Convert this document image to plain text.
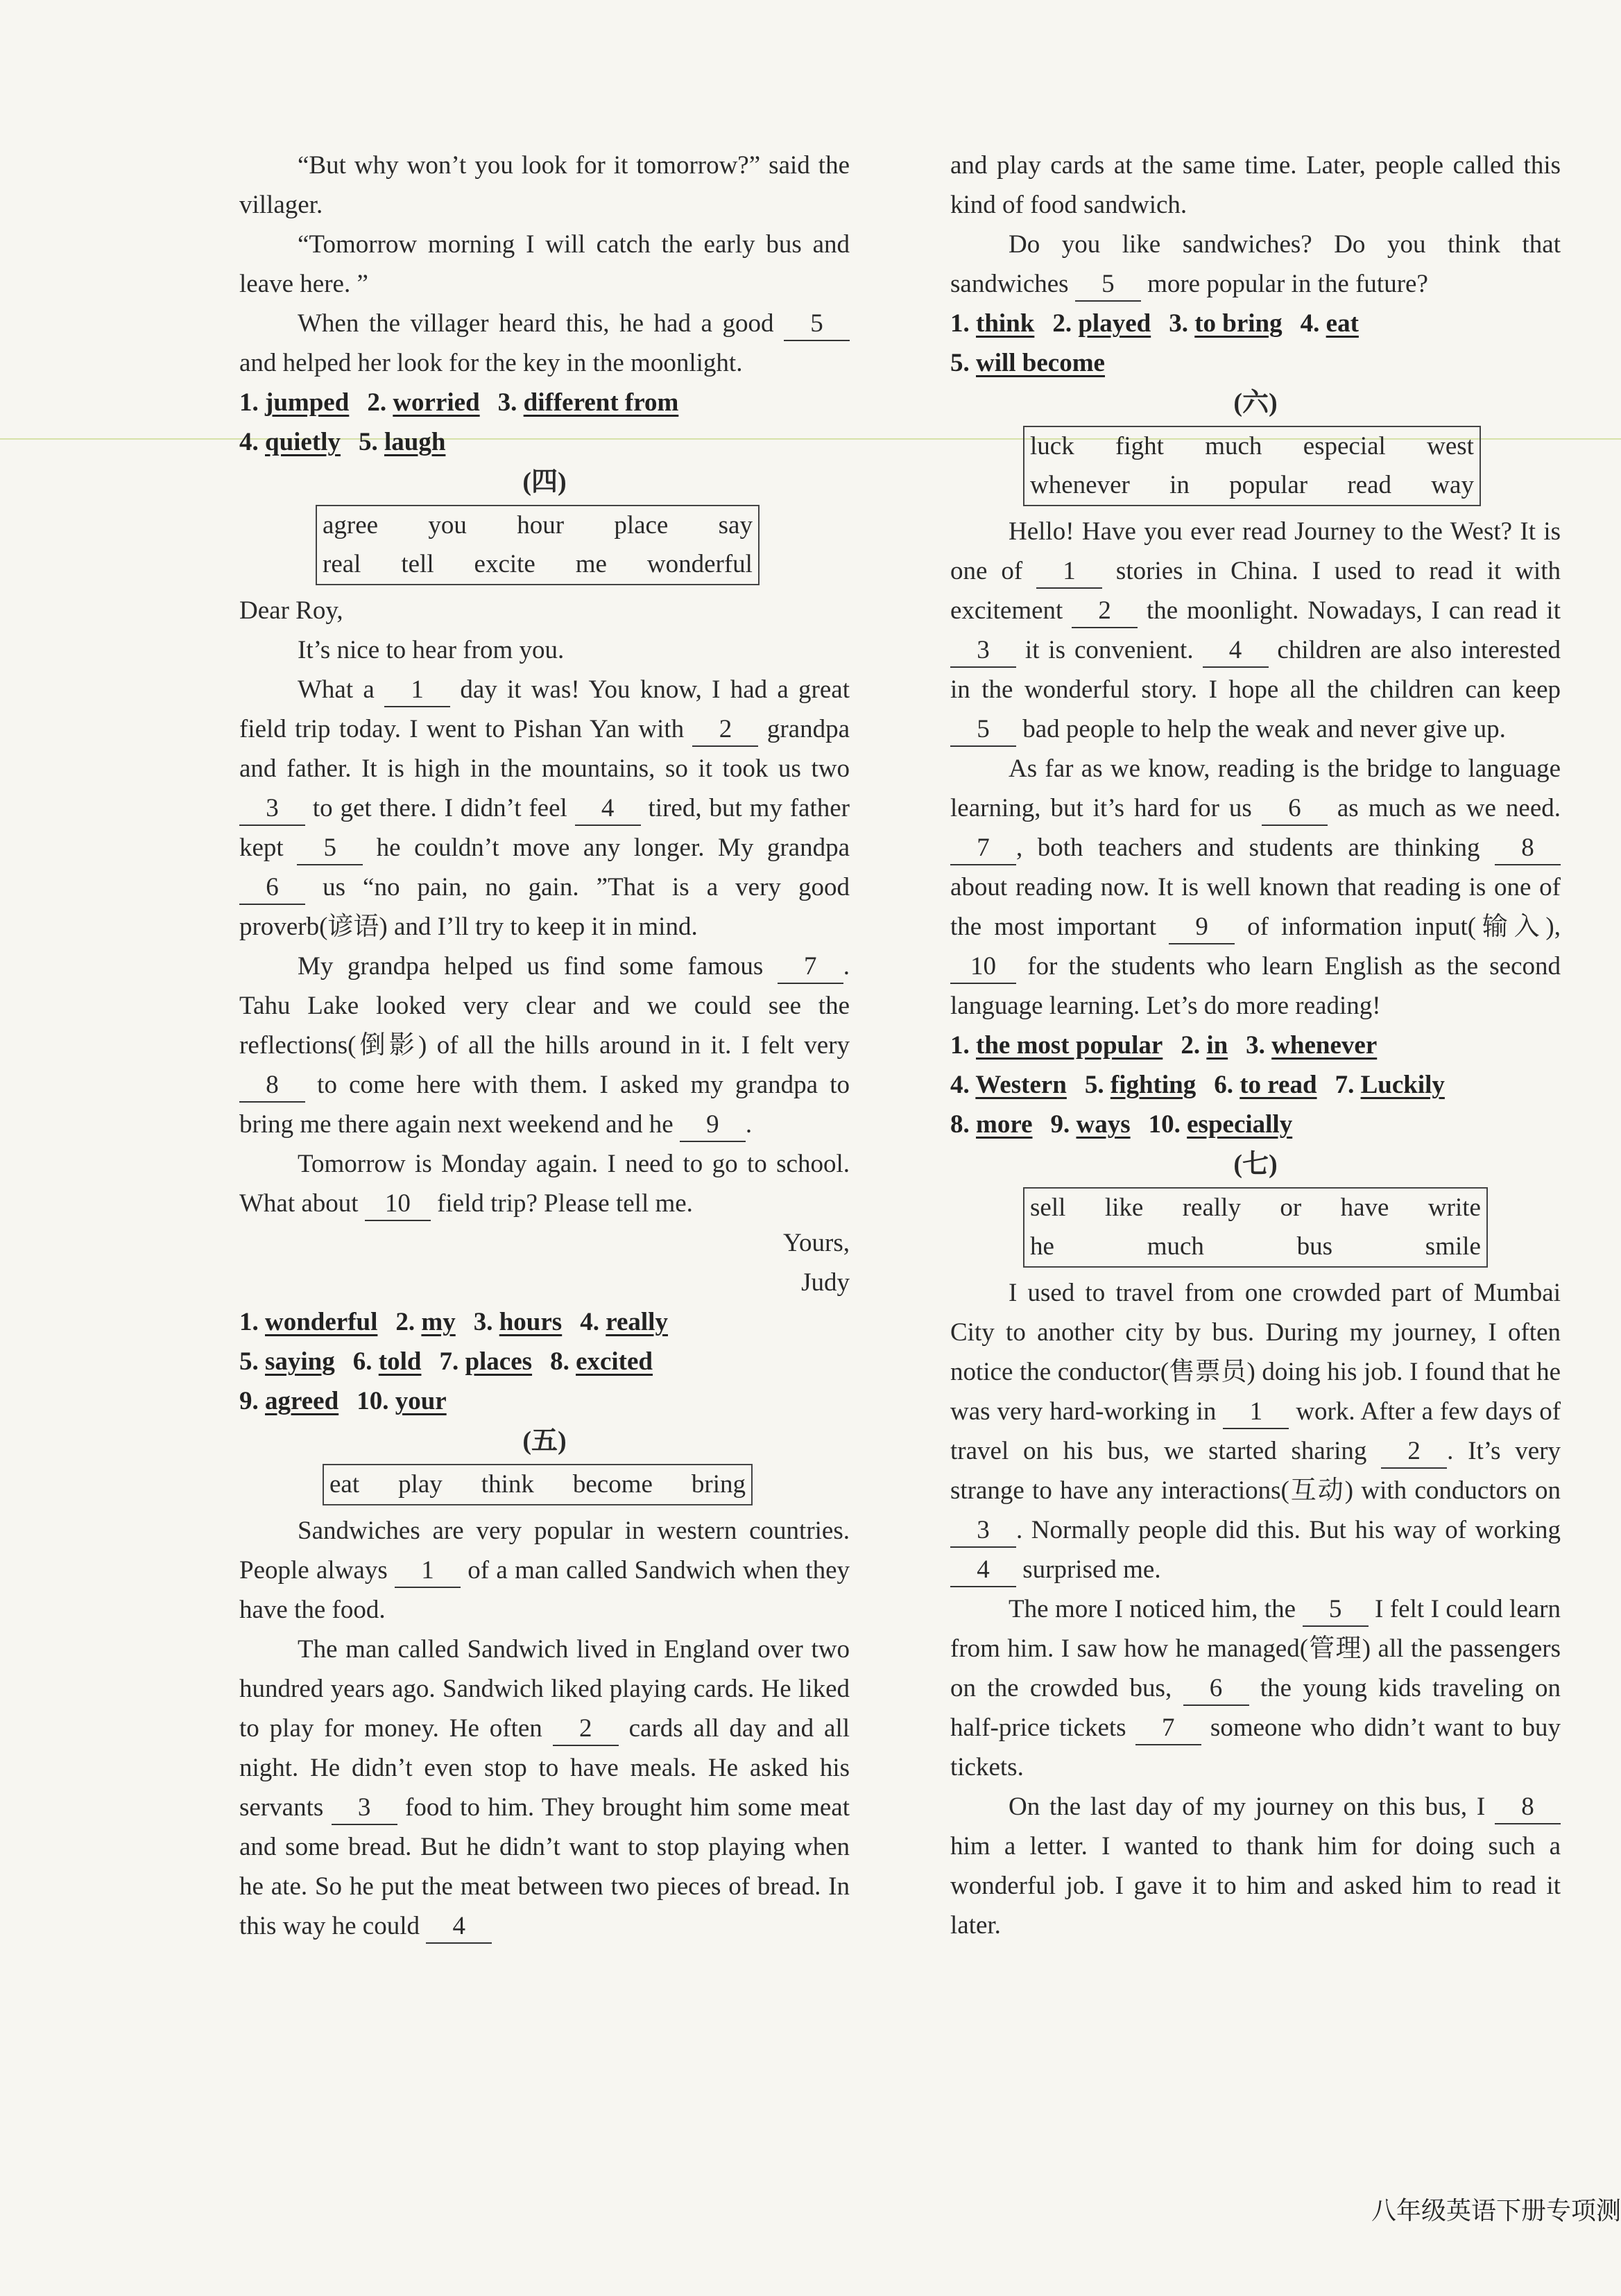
“But why won’t you look for it tomorrow?” said the villager.

“Tomorrow morning I will catch the early bus and leave here. ”

When the villager heard this, he had a good 5 and helped her look for the key in the moonlight.

1. jumped 2. worried 3. different from

4. quietly 5. laugh

(四)

agree you hour place say
real tell excite me wonderful

Dear Roy,

It’s nice to hear from you.

What a 1 day it was! You know, I had a great field trip today. I went to Pishan Yan with 2 grandpa and father. It is high in the mountains, so it took us two 3 to get there. I didn’t feel 4 tired, but my father kept 5 he couldn’t move any longer. My grandpa 6 us “no pain, no gain. ”That is a very good proverb(谚语) and I’ll try to keep it in mind.

My grandpa helped us find some famous 7 . Tahu Lake looked very clear and we could see the reflections(倒影) of all the hills around in it. I felt very 8 to come here with them. I asked my grandpa to bring me there again next weekend and he 9 .

Tomorrow is Monday again. I need to go to school. What about 10 field trip? Please tell me.

Yours,

Judy

1. wonderful 2. my 3. hours 4. really

5. saying 6. told 7. places 8. excited

9. agreed 10. your

(五)

eat play think become bring

Sandwiches are very popular in western countries. People always 1 of a man called Sandwich when they have the food.

The man called Sandwich lived in England over two hundred years ago. Sandwich liked playing cards. He liked to play for money. He often 2 cards all day and all night. He didn’t even stop to have meals. He asked his servants 3 food to him. They brought him some meat and some bread. But he didn’t want to stop playing when he ate. So he put the meat between two pieces of bread. In this way he could 4

and play cards at the same time. Later, people called this kind of food sandwich.

Do you like sandwiches? Do you think that sandwiches 5 more popular in the future?

1. think 2. played 3. to bring 4. eat

5. will become

(六)

luck fight much especial west
whenever in popular read way

Hello! Have you ever read Journey to the West? It is one of 1 stories in China. I used to read it with excitement 2 the moonlight. Nowadays, I can read it 3 it is convenient. 4 children are also interested in the wonderful story. I hope all the children can keep 5 bad people to help the weak and never give up.

As far as we know, reading is the bridge to language learning, but it’s hard for us 6 as much as we need. 7 , both teachers and students are thinking 8 about reading now. It is well known that reading is one of the most important 9 of information input(输入), 10 for the students who learn English as the second language learning. Let’s do more reading!

1. the most popular 2. in 3. whenever

4. Western 5. fighting 6. to read 7. Luckily

8. more 9. ways 10. especially

(七)

sell like really or have write
he	much	bus	smile

I used to travel from one crowded part of Mumbai City to another city by bus. During my journey, I often notice the conductor(售票员) doing his job. I found that he was very hard-working in 1 work. After a few days of travel on his bus, we started sharing 2 . It’s very strange to have any interactions(互动) with conductors on 3 . Normally people did this. But his way of working 4 surprised me.

The more I noticed him, the 5 I felt I could learn from him. I saw how he managed(管理) all the passengers on the crowded bus, 6 the young kids traveling on half-price tickets 7 someone who didn’t want to buy tickets.

On the last day of my journey on this bus, I 8 him a letter. I wanted to thank him for doing such a wonderful job. I gave it to him and asked him to read it later.

八年级英语下册专项测
